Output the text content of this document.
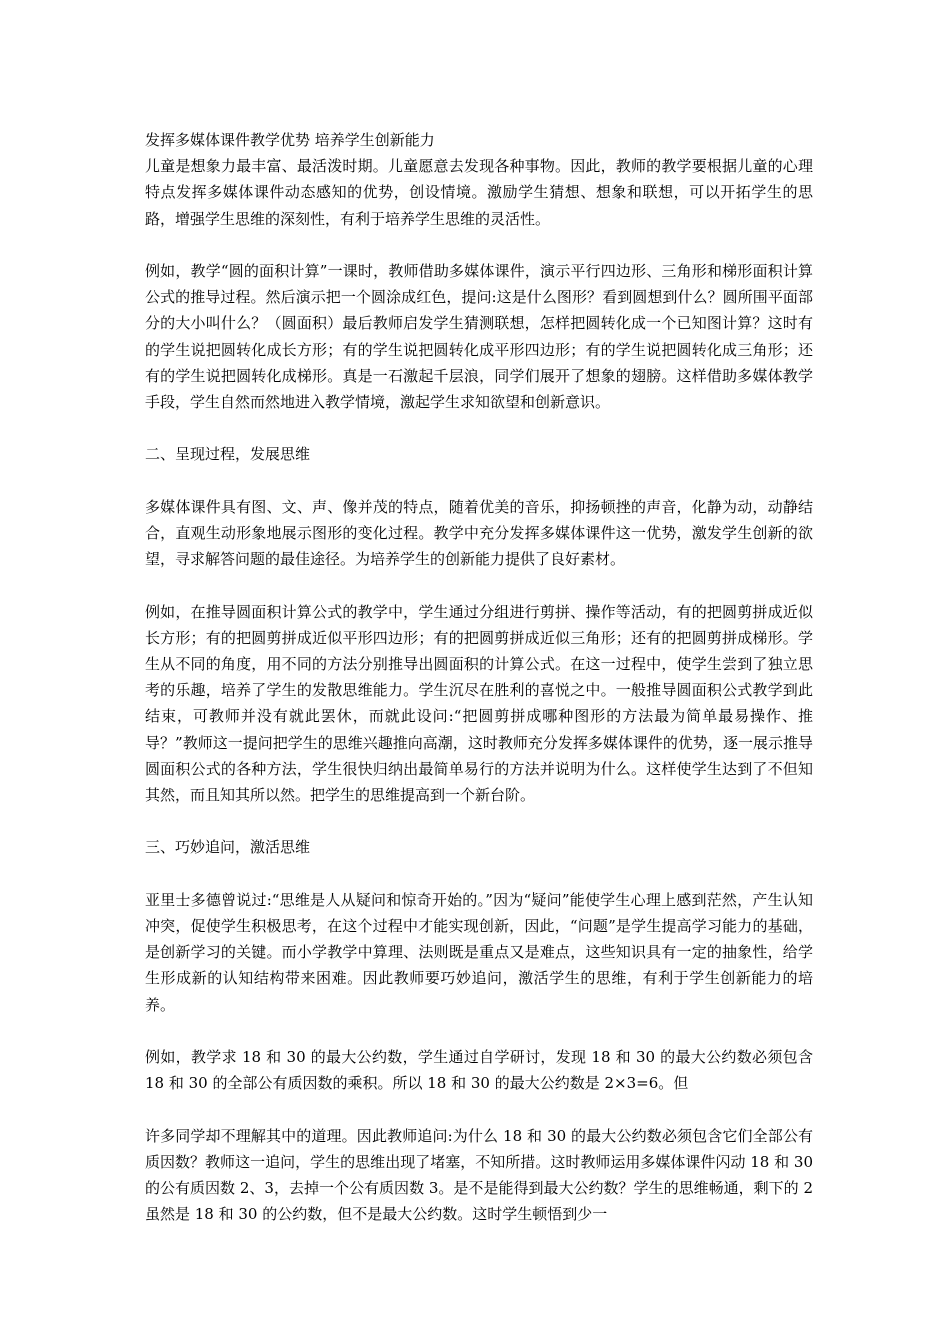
发挥多媒体课件教学优势 培养学生创新能力

儿童是想象力最丰富、最活泼时期。儿童愿意去发现各种事物。因此，教师的教学要根据儿童的心理特点发挥多媒体课件动态感知的优势，创设情境。激励学生猜想、想象和联想，可以开拓学生的思路，增强学生思维的深刻性，有利于培养学生思维的灵活性。

例如，教学“圆的面积计算”一课时，教师借助多媒体课件，演示平行四边形、三角形和梯形面积计算公式的推导过程。然后演示把一个圆涂成红色，提问:这是什么图形？看到圆想到什么？圆所围平面部分的大小叫什么？（圆面积）最后教师启发学生猜测联想，怎样把圆转化成一个已知图计算？这时有的学生说把圆转化成长方形；有的学生说把圆转化成平形四边形；有的学生说把圆转化成三角形；还有的学生说把圆转化成梯形。真是一石激起千层浪，同学们展开了想象的翅膀。这样借助多媒体教学手段，学生自然而然地进入教学情境，激起学生求知欲望和创新意识。

二、呈现过程，发展思维

多媒体课件具有图、文、声、像并茂的特点，随着优美的音乐，抑扬顿挫的声音，化静为动，动静结合，直观生动形象地展示图形的变化过程。教学中充分发挥多媒体课件这一优势，激发学生创新的欲望，寻求解答问题的最佳途径。为培养学生的创新能力提供了良好素材。

例如，在推导圆面积计算公式的教学中，学生通过分组进行剪拼、操作等活动，有的把圆剪拼成近似长方形；有的把圆剪拼成近似平形四边形；有的把圆剪拼成近似三角形；还有的把圆剪拼成梯形。学生从不同的角度，用不同的方法分别推导出圆面积的计算公式。在这一过程中，使学生尝到了独立思考的乐趣，培养了学生的发散思维能力。学生沉尽在胜利的喜悦之中。一般推导圆面积公式教学到此结束，可教师并没有就此罢休，而就此设问:“把圆剪拼成哪种图形的方法最为简单最易操作、推导？”教师这一提问把学生的思维兴趣推向高潮，这时教师充分发挥多媒体课件的优势，逐一展示推导圆面积公式的各种方法，学生很快归纳出最简单易行的方法并说明为什么。这样使学生达到了不但知其然，而且知其所以然。把学生的思维提高到一个新台阶。

三、巧妙追问，激活思维

亚里士多德曾说过:“思维是人从疑问和惊奇开始的。”因为“疑问”能使学生心理上感到茫然，产生认知冲突，促使学生积极思考，在这个过程中才能实现创新，因此，“问题”是学生提高学习能力的基础，是创新学习的关键。而小学教学中算理、法则既是重点又是难点，这些知识具有一定的抽象性，给学生形成新的认知结构带来困难。因此教师要巧妙追问，激活学生的思维，有利于学生创新能力的培养。

例如，教学求 18 和 30 的最大公约数，学生通过自学研讨，发现 18 和 30 的最大公约数必须包含 18 和 30 的全部公有质因数的乘积。所以 18 和 30 的最大公约数是 2×3=6。但

许多同学却不理解其中的道理。因此教师追问:为什么 18 和 30 的最大公约数必须包含它们全部公有质因数？教师这一追问，学生的思维出现了堵塞，不知所措。这时教师运用多媒体课件闪动 18 和 30 的公有质因数 2、3，去掉一个公有质因数 3。是不是能得到最大公约数？学生的思维畅通，剩下的 2 虽然是 18 和 30 的公约数，但不是最大公约数。这时学生顿悟到少一
